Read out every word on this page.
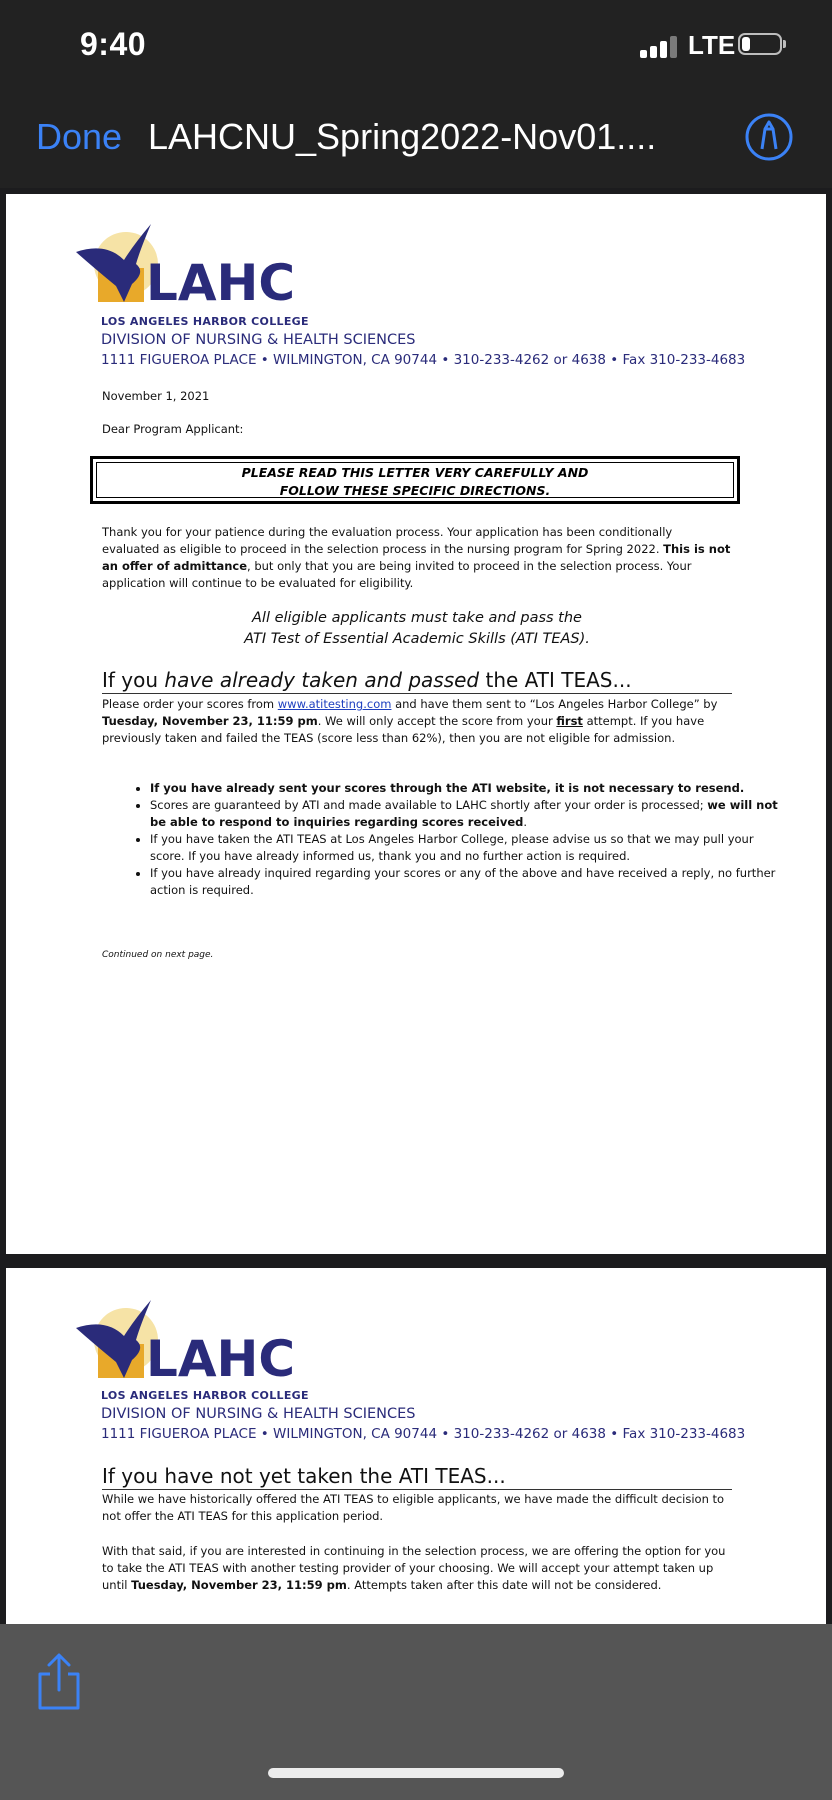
9:40	LTE
Done LAHCNU_Spring2022-Nov01....
LAHC
LOS ANGELES HARBOR COLLEGE
DIVISION OF NURSING & HEALTH SCIENCES
1111 FIGUEROA PLACE • WILMINGTON, CA 90744 • 310-233-4262 or 4638 • Fax 310-233-4683
November 1, 2021
Dear Program Applicant:
PLEASE READ THIS LETTER VERY CAREFULLY AND
FOLLOW THESE SPECIFIC DIRECTIONS.
Thank you for your patience during the evaluation process. Your application has been conditionally evaluated as eligible to proceed in the selection process in the nursing program for Spring 2022. This is not an offer of admittance, but only that you are being invited to proceed in the selection process. Your application will continue to be evaluated for eligibility.
All eligible applicants must take and pass the
ATI Test of Essential Academic Skills (ATI TEAS).
If you have already taken and passed the ATI TEAS...
Please order your scores from www.atitesting.com and have them sent to “Los Angeles Harbor College” by Tuesday, November 23, 11:59 pm. We will only accept the score from your first attempt. If you have previously taken and failed the TEAS (score less than 62%), then you are not eligible for admission.
• If you have already sent your scores through the ATI website, it is not necessary to resend.
• Scores are guaranteed by ATI and made available to LAHC shortly after your order is processed; we will not be able to respond to inquiries regarding scores received.
• If you have taken the ATI TEAS at Los Angeles Harbor College, please advise us so that we may pull your score. If you have already informed us, thank you and no further action is required.
• If you have already inquired regarding your scores or any of the above and have received a reply, no further action is required.
Continued on next page.
LAHC
LOS ANGELES HARBOR COLLEGE
DIVISION OF NURSING & HEALTH SCIENCES
1111 FIGUEROA PLACE • WILMINGTON, CA 90744 • 310-233-4262 or 4638 • Fax 310-233-4683
If you have not yet taken the ATI TEAS...
While we have historically offered the ATI TEAS to eligible applicants, we have made the difficult decision to not offer the ATI TEAS for this application period.
With that said, if you are interested in continuing in the selection process, we are offering the option for you to take the ATI TEAS with another testing provider of your choosing. We will accept your attempt taken up until Tuesday, November 23, 11:59 pm. Attempts taken after this date will not be considered.
